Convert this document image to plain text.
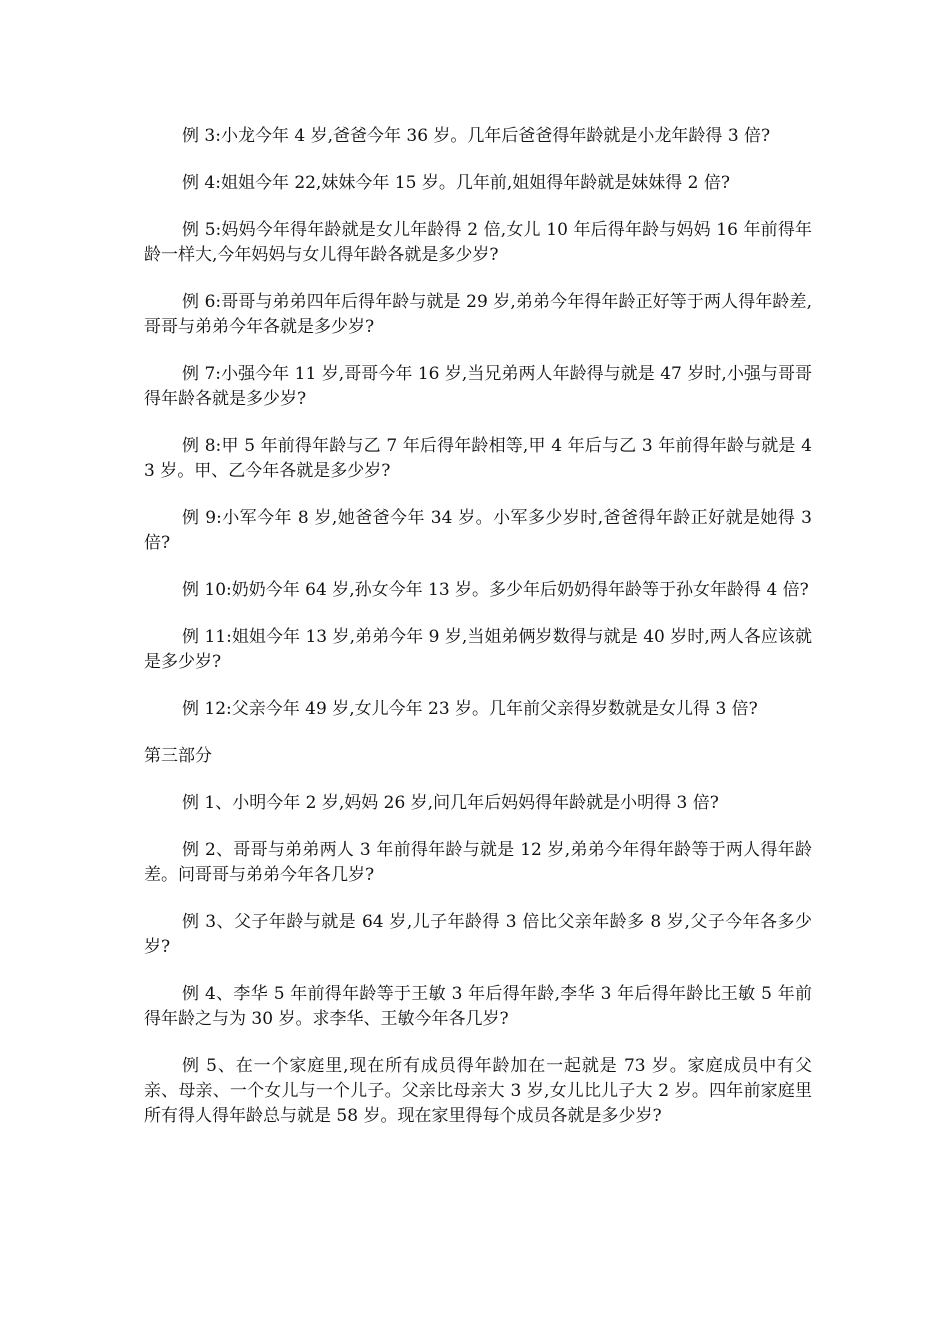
例 3:小龙今年 4 岁,爸爸今年 36 岁。几年后爸爸得年龄就是小龙年龄得 3 倍?

例 4:姐姐今年 22,妹妹今年 15 岁。几年前,姐姐得年龄就是妹妹得 2 倍?

例 5:妈妈今年得年龄就是女儿年龄得 2 倍,女儿 10 年后得年龄与妈妈 16 年前得年龄一样大,今年妈妈与女儿得年龄各就是多少岁?

例 6:哥哥与弟弟四年后得年龄与就是 29 岁,弟弟今年得年龄正好等于两人得年龄差,哥哥与弟弟今年各就是多少岁?

例 7:小强今年 11 岁,哥哥今年 16 岁,当兄弟两人年龄得与就是 47 岁时,小强与哥哥得年龄各就是多少岁?

例 8:甲 5 年前得年龄与乙 7 年后得年龄相等,甲 4 年后与乙 3 年前得年龄与就是 43 岁。甲、乙今年各就是多少岁?

例 9:小军今年 8 岁,她爸爸今年 34 岁。小军多少岁时,爸爸得年龄正好就是她得 3 倍?

例 10:奶奶今年 64 岁,孙女今年 13 岁。多少年后奶奶得年龄等于孙女年龄得 4 倍?

例 11:姐姐今年 13 岁,弟弟今年 9 岁,当姐弟俩岁数得与就是 40 岁时,两人各应该就是多少岁?

例 12:父亲今年 49 岁,女儿今年 23 岁。几年前父亲得岁数就是女儿得 3 倍?

第三部分

例 1、小明今年 2 岁,妈妈 26 岁,问几年后妈妈得年龄就是小明得 3 倍?

例 2、哥哥与弟弟两人 3 年前得年龄与就是 12 岁,弟弟今年得年龄等于两人得年龄差。问哥哥与弟弟今年各几岁?

例 3、父子年龄与就是 64 岁,儿子年龄得 3 倍比父亲年龄多 8 岁,父子今年各多少岁?

例 4、李华 5 年前得年龄等于王敏 3 年后得年龄,李华 3 年后得年龄比王敏 5 年前得年龄之与为 30 岁。求李华、王敏今年各几岁?

例 5、在一个家庭里,现在所有成员得年龄加在一起就是 73 岁。家庭成员中有父亲、母亲、一个女儿与一个儿子。父亲比母亲大 3 岁,女儿比儿子大 2 岁。四年前家庭里所有得人得年龄总与就是 58 岁。现在家里得每个成员各就是多少岁?
